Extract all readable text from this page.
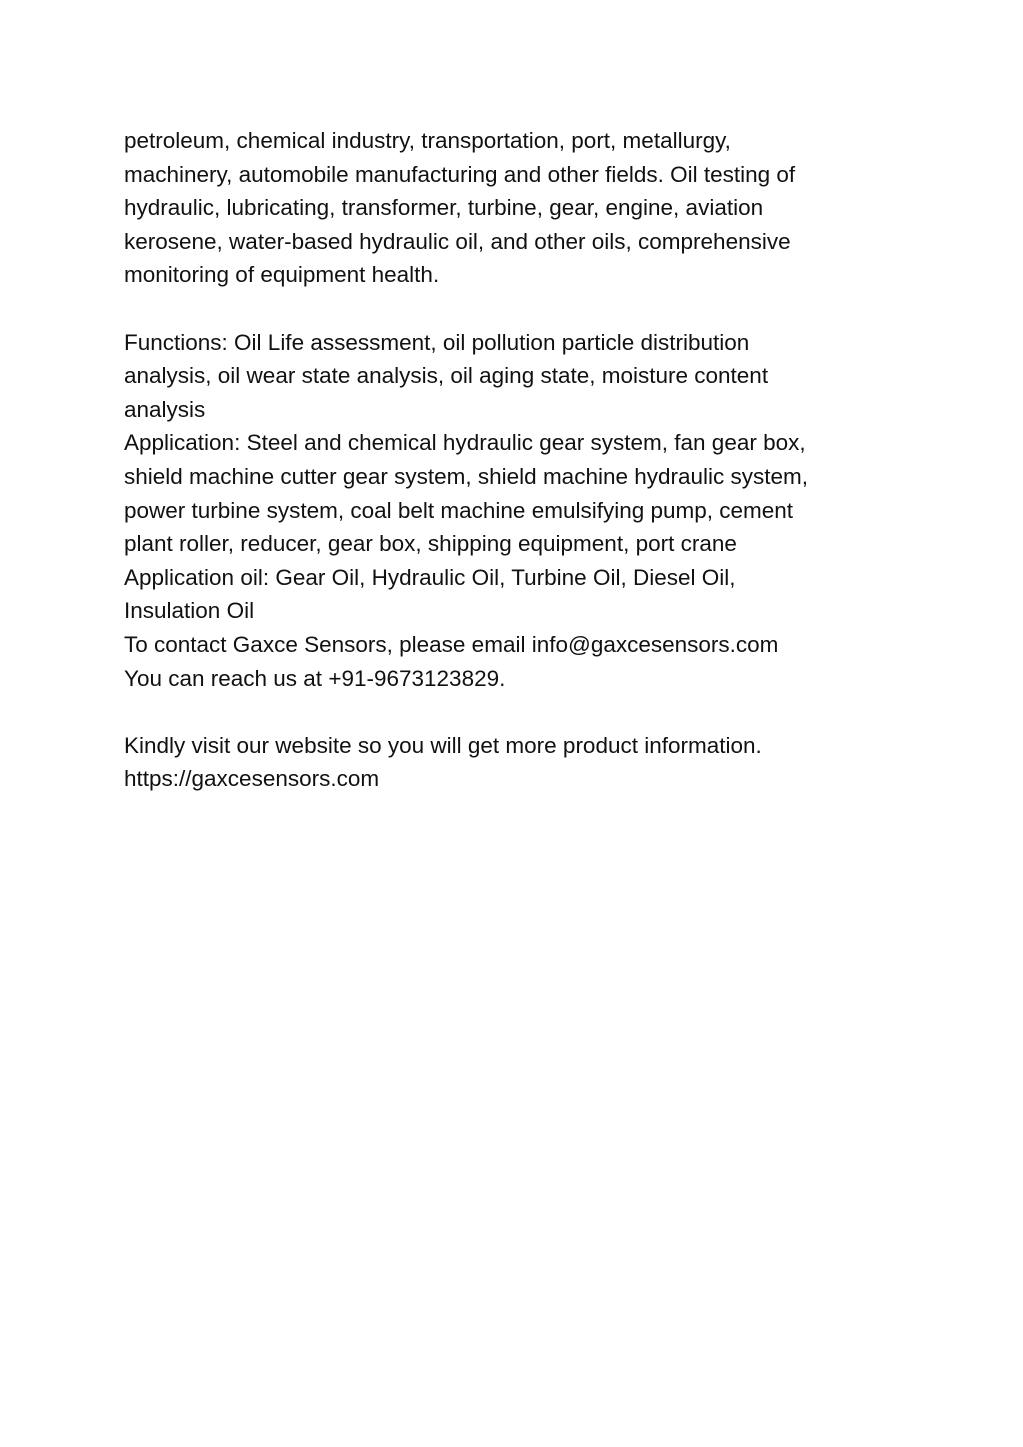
petroleum, chemical industry, transportation, port, metallurgy,
machinery, automobile manufacturing and other fields. Oil testing of
hydraulic, lubricating, transformer, turbine, gear, engine, aviation
kerosene, water-based hydraulic oil, and other oils, comprehensive
monitoring of equipment health.
Functions: Oil Life assessment, oil pollution particle distribution
analysis, oil wear state analysis, oil aging state, moisture content
analysis
Application: Steel and chemical hydraulic gear system, fan gear box,
shield machine cutter gear system, shield machine hydraulic system,
power turbine system, coal belt machine emulsifying pump, cement
plant roller, reducer, gear box, shipping equipment, port crane
Application oil: Gear Oil, Hydraulic Oil, Turbine Oil, Diesel Oil,
Insulation Oil
To contact Gaxce Sensors, please email info@gaxcesensors.com
You can reach us at +91-9673123829.
Kindly visit our website so you will get more product information.
https://gaxcesensors.com
